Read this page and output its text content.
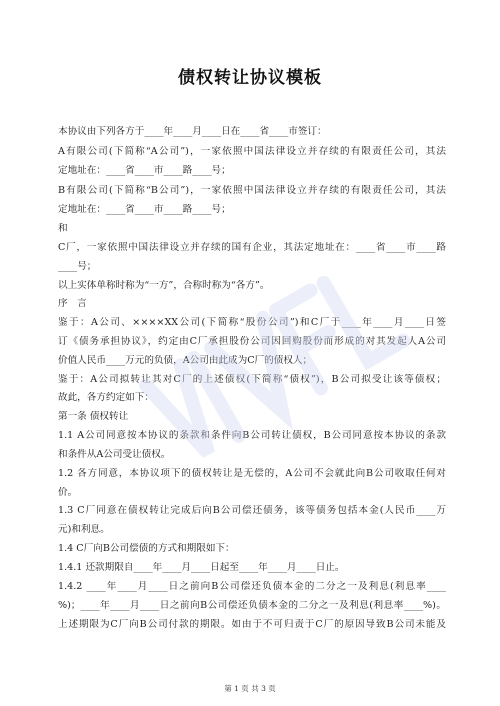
债权转让协议模板
本协议由下列各方于____年____月____日在____省____市签订：
A有限公司(下简称“A公司”)，一家依照中国法律设立并存续的有限责任公司，其法
定地址在：____省____市____路____号；
B有限公司(下简称“B公司”)，一家依照中国法律设立并存续的有限责任公司，其法
定地址在：____省____市____路____号；
和
C厂，一家依照中国法律设立并存续的国有企业，其法定地址在：____省____市____路
____号；
以上实体单称时称为“一方”，合称时称为“各方”。
序　言
鉴于：A公司、××××XX公司(下简称“股份公司”)和C厂于____年____月____日签
订《债务承担协议》，约定由C厂承担股份公司因回购股份而形成的对其发起人A公司
价值人民币____万元的负债，A公司由此成为C厂的债权人；
鉴于：A公司拟转让其对C厂的上述债权(下简称“债权”)，B公司拟受让该等债权；
故此，各方约定如下：
第一条 债权转让
1.1 A公司同意按本协议的条款和条件向B公司转让债权，B公司同意按本协议的条款
和条件从A公司受让债权。
1.2 各方同意，本协议项下的债权转让是无偿的，A公司不会就此向B公司收取任何对
价。
1.3 C厂同意在债权转让完成后向B公司偿还债务，该等债务包括本金(人民币____万
元)和利息。
1.4 C厂向B公司偿债的方式和期限如下：
1.4.1 还款期限自____年____月____日起至____年____月____日止。
1.4.2 ____年____月____日之前向B公司偿还负债本金的二分之一及利息(利息率____
%)；____年____月____日之前向B公司偿还负债本金的二分之一及利息(利息率____%)。
上述期限为C厂向B公司付款的期限。如由于不可归责于C厂的原因导致B公司未能及
第 1 页 共 3 页
